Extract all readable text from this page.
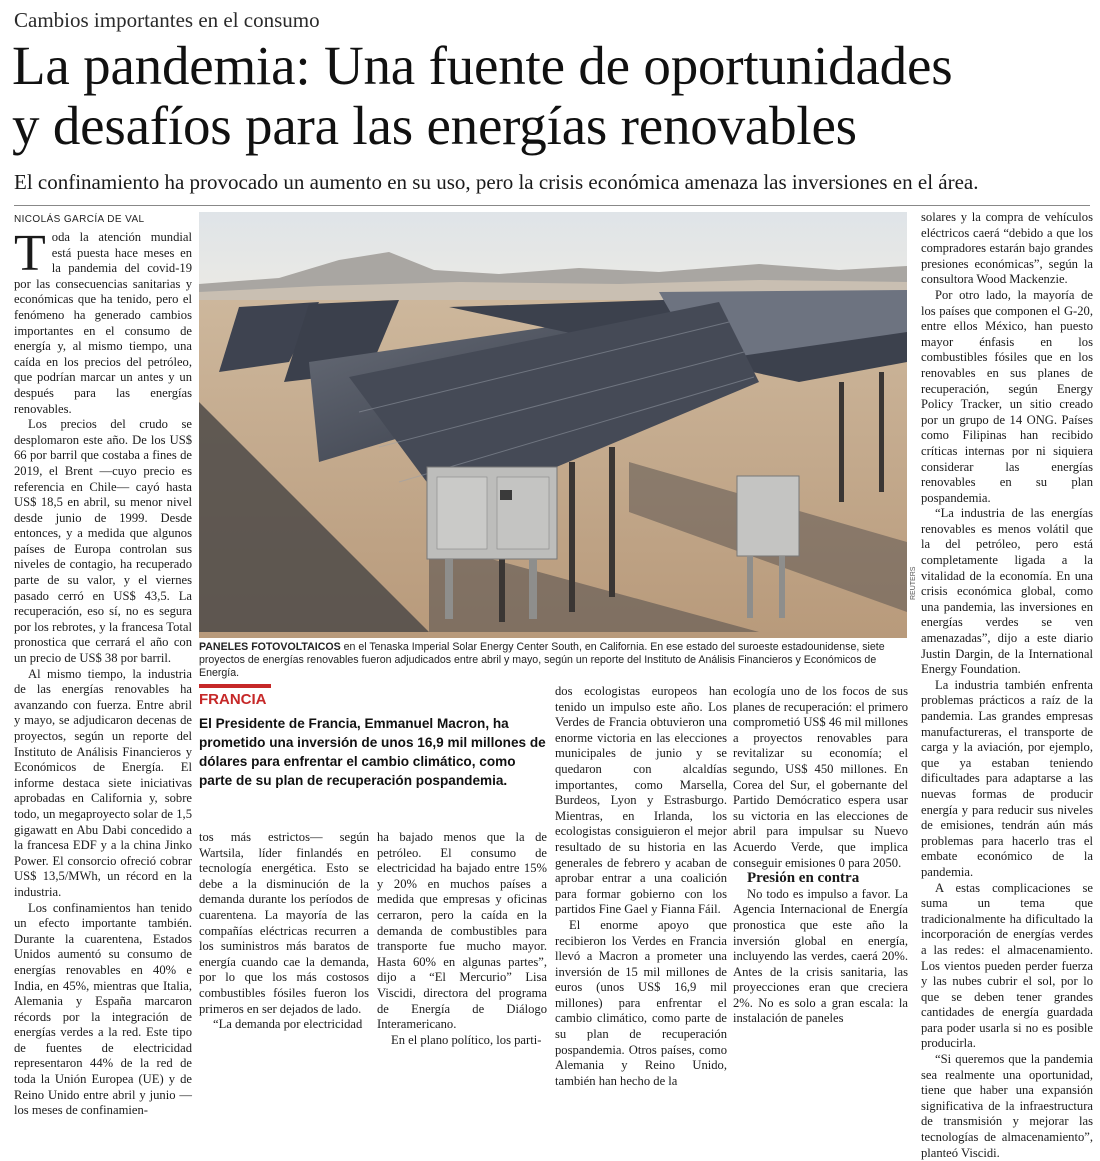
Cambios importantes en el consumo
La pandemia: Una fuente de oportunidades
y desafíos para las energías renovables
El confinamiento ha provocado un aumento en su uso, pero la crisis económica amenaza las inversiones en el área.
NICOLÁS GARCÍA DE VAL

Toda la atención mundial está puesta hace meses en la pandemia del covid-19 por las consecuencias sanitarias y económicas que ha tenido, pero el fenómeno ha generado cambios importantes en el consumo de energía y, al mismo tiempo, una caída en los precios del petróleo, que podrían marcar un antes y un después para las energías renovables.

Los precios del crudo se desplomaron este año. De los US$ 66 por barril que costaba a fines de 2019, el Brent —cuyo precio es referencia en Chile— cayó hasta US$ 18,5 en abril, su menor nivel desde junio de 1999. Desde entonces, y a medida que algunos países de Europa controlan sus niveles de contagio, ha recuperado parte de su valor, y el viernes pasado cerró en US$ 43,5. La recuperación, eso sí, no es segura por los rebrotes, y la francesa Total pronostica que cerrará el año con un precio de US$ 38 por barril.

Al mismo tiempo, la industria de las energías renovables ha avanzando con fuerza. Entre abril y mayo, se adjudicaron decenas de proyectos, según un reporte del Instituto de Análisis Financieros y Económicos de Energía. El informe destaca siete iniciativas aprobadas en California y, sobre todo, un megaproyecto solar de 1,5 gigawatt en Abu Dabi concedido a la francesa EDF y a la china Jinko Power. El consorcio ofreció cobrar US$ 13,5/MWh, un récord en la industria.

Los confinamientos han tenido un efecto importante también. Durante la cuarentena, Estados Unidos aumentó su consumo de energías renovables en 40% e India, en 45%, mientras que Italia, Alemania y España marcaron récords por la integración de energías verdes a la red. Este tipo de fuentes de electricidad representaron 44% de la red de toda la Unión Europea (UE) y de Reino Unido entre abril y junio —los meses de confinamien-

REUTERS
PANELES FOTOVOLTAICOS en el Tenaska Imperial Solar Energy Center South, en California. En ese estado del suroeste estadounidense, siete proyectos de energías renovables fueron adjudicados entre abril y mayo, según un reporte del Instituto de Análisis Financieros y Económicos de Energía.
FRANCIA
El Presidente de Francia, Emmanuel Macron, ha prometido una inversión de unos 16,9 mil millones de dólares para enfrentar el cambio climático, como parte de su plan de recuperación pospandemia.

tos más estrictos— según Wartsila, líder finlandés en tecnología energética. Esto se debe a la disminución de la demanda durante los períodos de cuarentena. La mayoría de las compañías eléctricas recurren a los suministros más baratos de energía cuando cae la demanda, por lo que los más costosos combustibles fósiles fueron los primeros en ser dejados de lado.

“La demanda por electricidad

ha bajado menos que la de petróleo. El consumo de electricidad ha bajado entre 15% y 20% en muchos países a medida que empresas y oficinas cerraron, pero la caída en la demanda de combustibles para transporte fue mucho mayor. Hasta 60% en algunas partes”, dijo a “El Mercurio” Lisa Viscidi, directora del programa de Energía de Diálogo Interamericano.

En el plano político, los parti-

dos ecologistas europeos han tenido un impulso este año. Los Verdes de Francia obtuvieron una enorme victoria en las elecciones municipales de junio y se quedaron con alcaldías importantes, como Marsella, Burdeos, Lyon y Estrasburgo. Mientras, en Irlanda, los ecologistas consiguieron el mejor resultado de su historia en las generales de febrero y acaban de aprobar entrar a una coalición para formar gobierno con los partidos Fine Gael y Fianna Fáil.

El enorme apoyo que recibieron los Verdes en Francia llevó a Macron a prometer una inversión de 15 mil millones de euros (unos US$ 16,9 mil millones) para enfrentar el cambio climático, como parte de su plan de recuperación pospandemia. Otros países, como Alemania y Reino Unido, también han hecho de la

ecología uno de los focos de sus planes de recuperación: el primero comprometió US$ 46 mil millones a proyectos renovables para revitalizar su economía; el segundo, US$ 450 millones. En Corea del Sur, el gobernante del Partido Demócratico espera usar su victoria en las elecciones de abril para impulsar su Nuevo Acuerdo Verde, que implica conseguir emisiones 0 para 2050.

Presión en contra

No todo es impulso a favor. La Agencia Internacional de Energía pronostica que este año la inversión global en energía, incluyendo las verdes, caerá 20%. Antes de la crisis sanitaria, las proyecciones eran que creciera 2%. No es solo a gran escala: la instalación de paneles

solares y la compra de vehículos eléctricos caerá “debido a que los compradores estarán bajo grandes presiones económicas”, según la consultora Wood Mackenzie.

Por otro lado, la mayoría de los países que componen el G-20, entre ellos México, han puesto mayor énfasis en los combustibles fósiles que en los renovables en sus planes de recuperación, según Energy Policy Tracker, un sitio creado por un grupo de 14 ONG. Países como Filipinas han recibido críticas internas por ni siquiera considerar las energías renovables en su plan pospandemia.

“La industria de las energías renovables es menos volátil que la del petróleo, pero está completamente ligada a la vitalidad de la economía. En una crisis económica global, como una pandemia, las inversiones en energías verdes se ven amenazadas”, dijo a este diario Justin Dargin, de la International Energy Foundation.

La industria también enfrenta problemas prácticos a raíz de la pandemia. Las grandes empresas manufactureras, el transporte de carga y la aviación, por ejemplo, que ya estaban teniendo dificultades para adaptarse a las nuevas formas de producir energía y para reducir sus niveles de emisiones, tendrán aún más problemas para hacerlo tras el embate económico de la pandemia.

A estas complicaciones se suma un tema que tradicionalmente ha dificultado la incorporación de energías verdes a las redes: el almacenamiento. Los vientos pueden perder fuerza y las nubes cubrir el sol, por lo que se deben tener grandes cantidades de energía guardada para poder usarla si no es posible producirla.

“Si queremos que la pandemia sea realmente una oportunidad, tiene que haber una expansión significativa de la infraestructura de transmisión y mejorar las tecnologías de almacenamiento”, planteó Viscidi.
